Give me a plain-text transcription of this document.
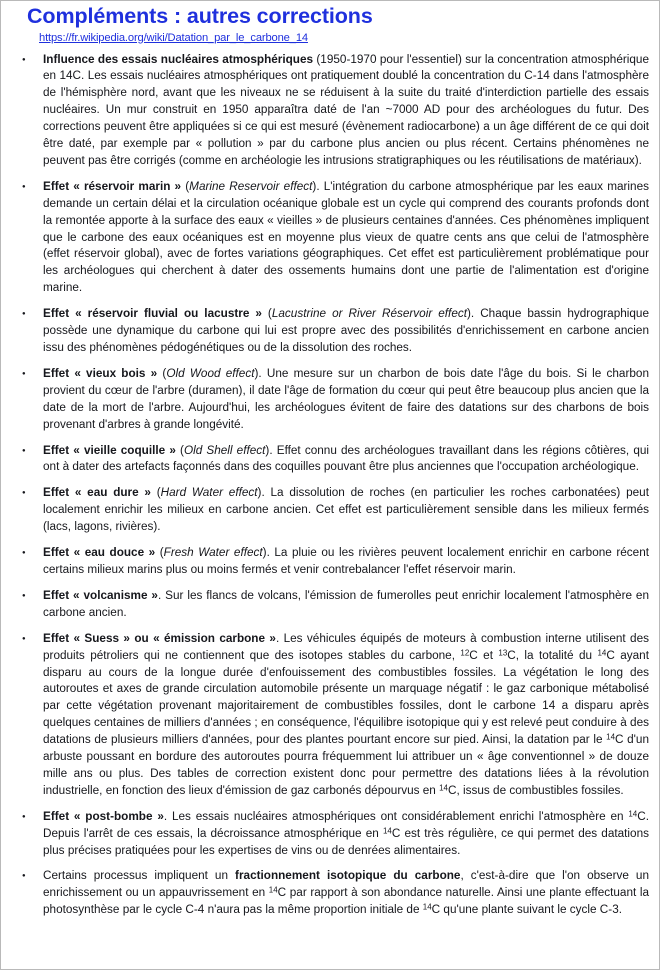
Compléments : autres corrections
https://fr.wikipedia.org/wiki/Datation_par_le_carbone_14
● Influence des essais nucléaires atmosphériques (1950-1970 pour l'essentiel) sur la concentration atmosphérique en 14C. Les essais nucléaires atmosphériques ont pratiquement doublé la concentration du C-14 dans l'atmosphère de l'hémisphère nord, avant que les niveaux ne se réduisent à la suite du traité d'interdiction partielle des essais nucléaires. Un mur construit en 1950 apparaîtra daté de l'an ~7000 AD pour des archéologues du futur. Des corrections peuvent être appliquées si ce qui est mesuré (évènement radiocarbone) a un âge différent de ce qui doit être daté, par exemple par « pollution » par du carbone plus ancien ou plus récent. Certains phénomènes ne peuvent pas être corrigés (comme en archéologie les intrusions stratigraphiques ou les réutilisations de matériaux).
● Effet « réservoir marin » (Marine Reservoir effect). L'intégration du carbone atmosphérique par les eaux marines demande un certain délai et la circulation océanique globale est un cycle qui comprend des courants profonds dont la remontée apporte à la surface des eaux « vieilles » de plusieurs centaines d'années. Ces phénomènes impliquent que le carbone des eaux océaniques est en moyenne plus vieux de quatre cents ans que celui de l'atmosphère (effet réservoir global), avec de fortes variations géographiques. Cet effet est particulièrement problématique pour les archéologues qui cherchent à dater des ossements humains dont une partie de l'alimentation est d'origine marine.
● Effet « réservoir fluvial ou lacustre » (Lacustrine or River Réservoir effect). Chaque bassin hydrographique possède une dynamique du carbone qui lui est propre avec des possibilités d'enrichissement en carbone ancien issu des phénomènes pédogénétiques ou de la dissolution des roches.
● Effet « vieux bois » (Old Wood effect). Une mesure sur un charbon de bois date l'âge du bois. Si le charbon provient du cœur de l'arbre (duramen), il date l'âge de formation du cœur qui peut être beaucoup plus ancien que la date de la mort de l'arbre. Aujourd'hui, les archéologues évitent de faire des datations sur des charbons de bois provenant d'arbres à grande longévité.
● Effet « vieille coquille » (Old Shell effect). Effet connu des archéologues travaillant dans les régions côtières, qui ont à dater des artefacts façonnés dans des coquilles pouvant être plus anciennes que l'occupation archéologique.
● Effet « eau dure » (Hard Water effect). La dissolution de roches (en particulier les roches carbonatées) peut localement enrichir les milieux en carbone ancien. Cet effet est particulièrement sensible dans les milieux fermés (lacs, lagons, rivières).
● Effet « eau douce » (Fresh Water effect). La pluie ou les rivières peuvent localement enrichir en carbone récent certains milieux marins plus ou moins fermés et venir contrebalancer l'effet réservoir marin.
● Effet « volcanisme ». Sur les flancs de volcans, l'émission de fumerolles peut enrichir localement l'atmosphère en carbone ancien.
● Effet « Suess » ou « émission carbone ». Les véhicules équipés de moteurs à combustion interne utilisent des produits pétroliers qui ne contiennent que des isotopes stables du carbone, $^{12}$C et $^{13}$C, la totalité du $^{14}$C ayant disparu au cours de la longue durée d'enfouissement des combustibles fossiles. La végétation le long des autoroutes et axes de grande circulation automobile présente un marquage négatif : le gaz carbonique métabolisé par cette végétation provenant majoritairement de combustibles fossiles, dont le carbone 14 a disparu après quelques centaines de milliers d'années ; en conséquence, l'équilibre isotopique qui y est relevé peut conduire à des datations de plusieurs milliers d'années, pour des plantes pourtant encore sur pied. Ainsi, la datation par le $^{14}$C d'un arbuste poussant en bordure des autoroutes pourra fréquemment lui attribuer un « âge conventionnel » de douze mille ans ou plus. Des tables de correction existent donc pour permettre des datations liées à la révolution industrielle, en fonction des lieux d'émission de gaz carbonés dépourvus en $^{14}$C, issus de combustibles fossiles.
● Effet « post-bombe ». Les essais nucléaires atmosphériques ont considérablement enrichi l'atmosphère en $^{14}$C. Depuis l'arrêt de ces essais, la décroissance atmosphérique en $^{14}$C est très régulière, ce qui permet des datations plus précises pratiquées pour les expertises de vins ou de denrées alimentaires.
● Certains processus impliquent un fractionnement isotopique du carbone, c'est-à-dire que l'on observe un enrichissement ou un appauvrissement en $^{14}$C par rapport à son abondance naturelle. Ainsi une plante effectuant la photosynthèse par le cycle C-4 n'aura pas la même proportion initiale de $^{14}$C qu'une plante suivant le cycle C-3.
